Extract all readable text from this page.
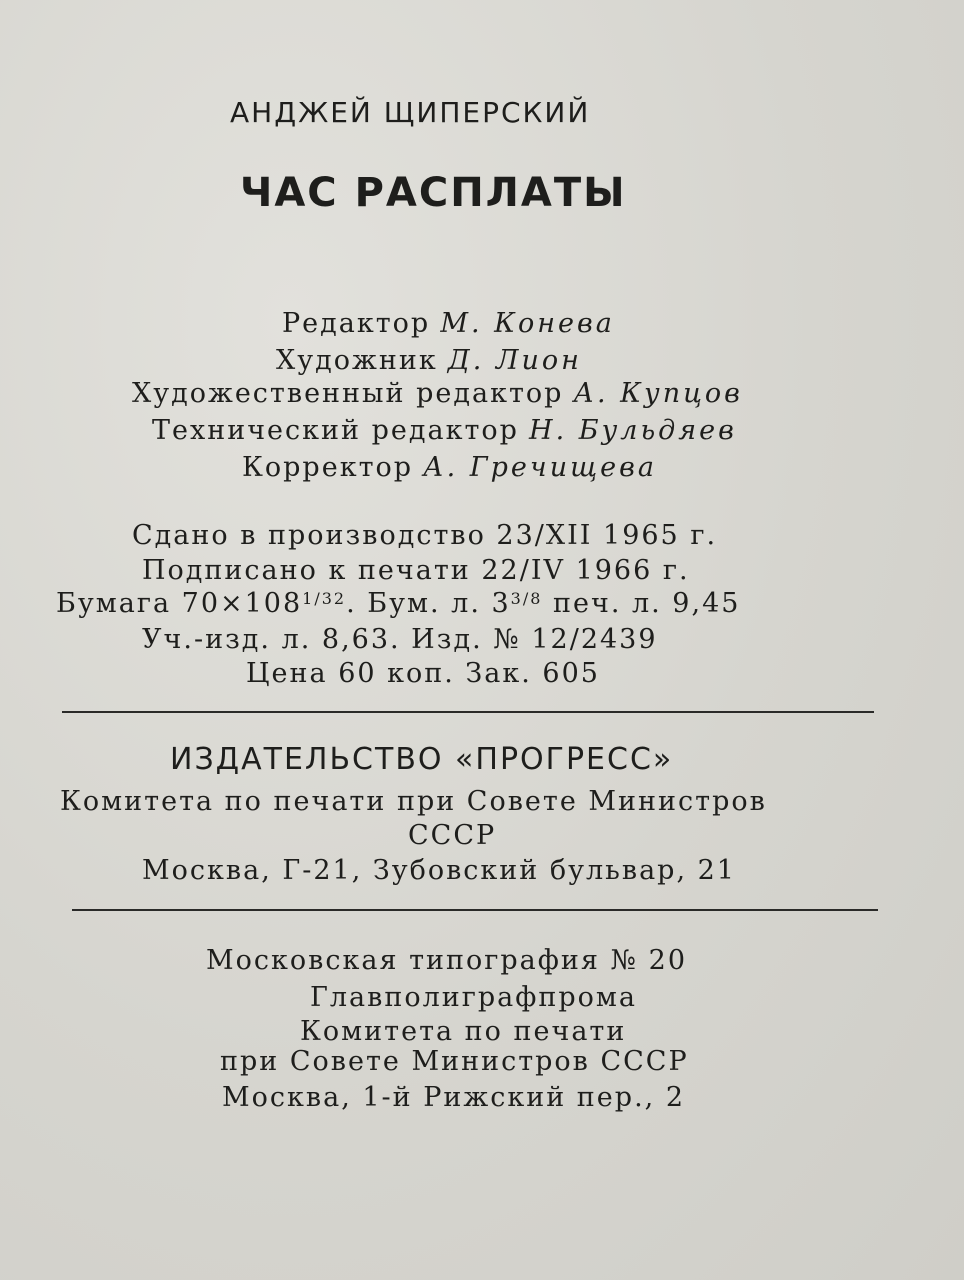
АНДЖЕЙ ЩИПЕРСКИЙ
ЧАС РАСПЛАТЫ
Редактор М. Конева
Художник Д. Лион
Художественный редактор А. Купцов
Технический редактор Н. Бульдяев
Корректор А. Гречищева
Сдано в производство 23/XII 1965 г.
Подписано к печати 22/IV 1966 г.
Бумага $70\times 108^{1/32}$. Бум. л. $3^{3/8}$ печ. л. 9,45
Уч.-изд. л. 8,63. Изд. № 12/2439
Цена 60 коп. Зак. 605
ИЗДАТЕЛЬСТВО «ПРОГРЕСС»
Комитета по печати при Совете Министров
СССР
Москва, Г-21, Зубовский бульвар, 21
Московская типография № 20
Главполиграфпрома
Комитета по печати
при Совете Министров СССР
Москва, 1-й Рижский пер., 2
